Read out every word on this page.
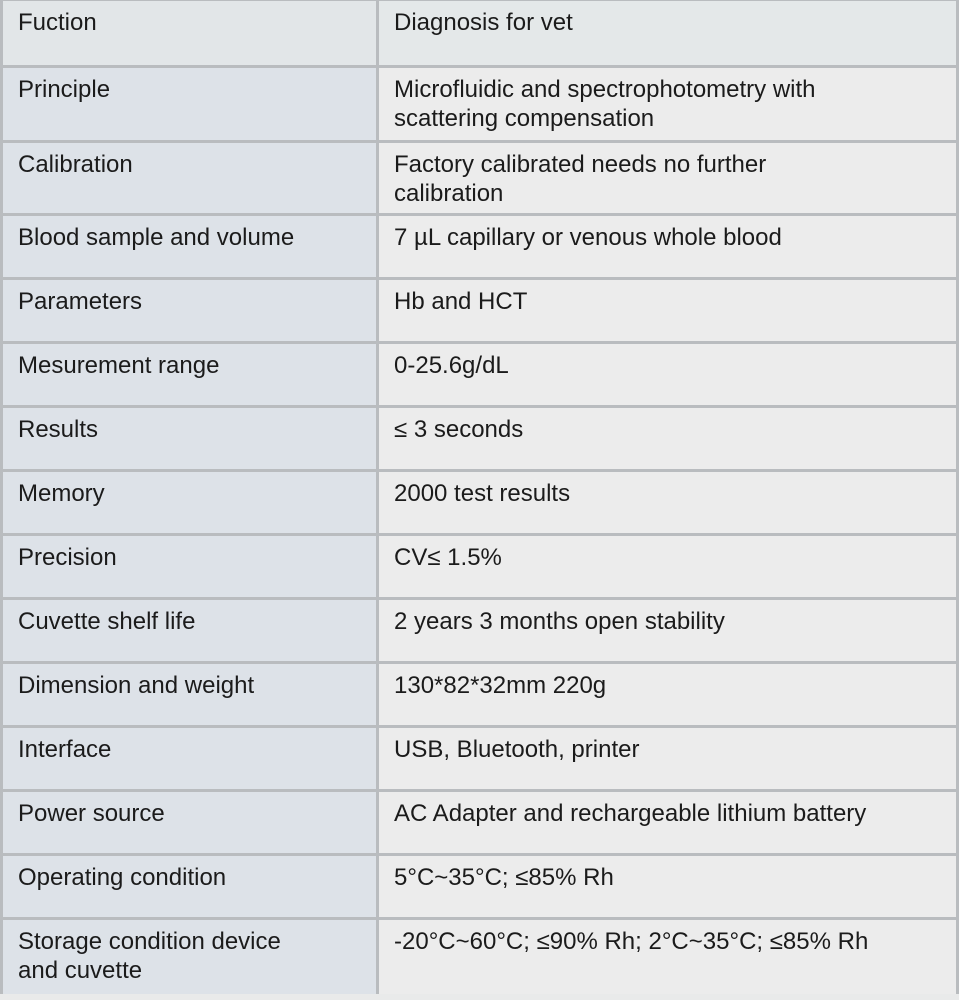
Fuction	Diagnosis for vet
Principle	Microfluidic and spectrophotometry with scattering compensation
Calibration	Factory calibrated needs no further calibration
Blood sample and volume	7 µL capillary or venous whole blood
Parameters	Hb and HCT
Mesurement range	0-25.6g/dL
Results	≤ 3 seconds
Memory	2000 test results
Precision	CV≤ 1.5%
Cuvette shelf life	2 years 3 months open stability
Dimension and weight	130*82*32mm 220g
Interface	USB, Bluetooth, printer
Power source	AC Adapter and rechargeable lithium battery
Operating condition	5°C~35°C; ≤85% Rh
Storage condition device and cuvette	-20°C~60°C; ≤90% Rh; 2°C~35°C; ≤85% Rh
